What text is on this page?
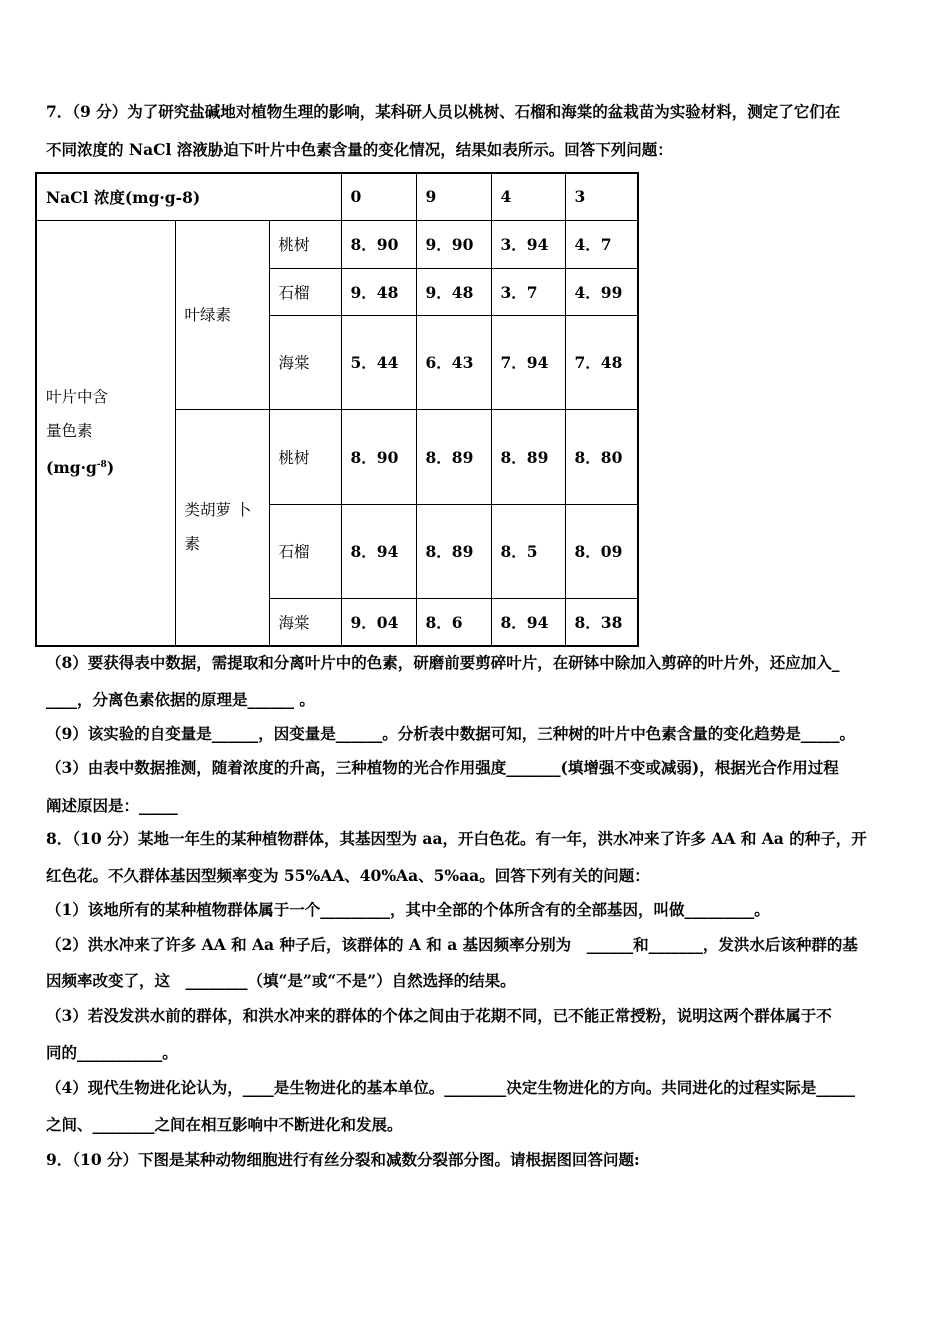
7．（9 分）为了研究盐碱地对植物生理的影响，某科研人员以桃树、石榴和海棠的盆栽苗为实验材料，测定了它们在
不同浓度的 NaCl 溶液胁迫下叶片中色素含量的变化情况，结果如表所示。回答下列问题：
NaCl 浓度(mg·g-8)			0	9	4	3

叶片中含
量色素
$(mg\cdot g^{-8})$	叶绿素	桃树	8．90	9．90	3．94	4．7
		石榴	9．48	9．48	3．7	4．99
		海棠	5．44	6．43	7．94	7．48

	类胡萝 卜
素	桃树	8．90	8．89	8．89	8．80
		石榴	8．94	8．89	8．5	8．09
		海棠	9．04	8．6	8．94	8．38
（8）要获得表中数据，需提取和分离叶片中的色素，研磨前要剪碎叶片，在研钵中除加入剪碎的叶片外，还应加入_
____，分离色素依据的原理是______ 。
（9）该实验的自变量是______，因变量是______。分析表中数据可知，三种树的叶片中色素含量的变化趋势是_____。
（3）由表中数据推测，随着浓度的升高，三种植物的光合作用强度_______(填增强不变或减弱)，根据光合作用过程
阐述原因是：_____
8．（10 分）某地一年生的某种植物群体，其基因型为 aa，开白色花。有一年，洪水冲来了许多 AA 和 Aa 的种子，开
红色花。不久群体基因型频率变为 55%AA、40%Aa、5%aa。回答下列有关的问题：
（1）该地所有的某种植物群体属于一个_________，其中全部的个体所含有的全部基因，叫做_________。
（2）洪水冲来了许多 AA 和 Aa 种子后，该群体的 A 和 a 基因频率分别为　______和_______，发洪水后该种群的基
因频率改变了，这　________（填“是”或“不是”）自然选择的结果。
（3）若没发洪水前的群体，和洪水冲来的群体的个体之间由于花期不同，已不能正常授粉，说明这两个群体属于不
同的___________。
（4）现代生物进化论认为，____是生物进化的基本单位。________决定生物进化的方向。共同进化的过程实际是_____
之间、________之间在相互影响中不断进化和发展。
9．（10 分）下图是某种动物细胞进行有丝分裂和减数分裂部分图。请根据图回答问题:
